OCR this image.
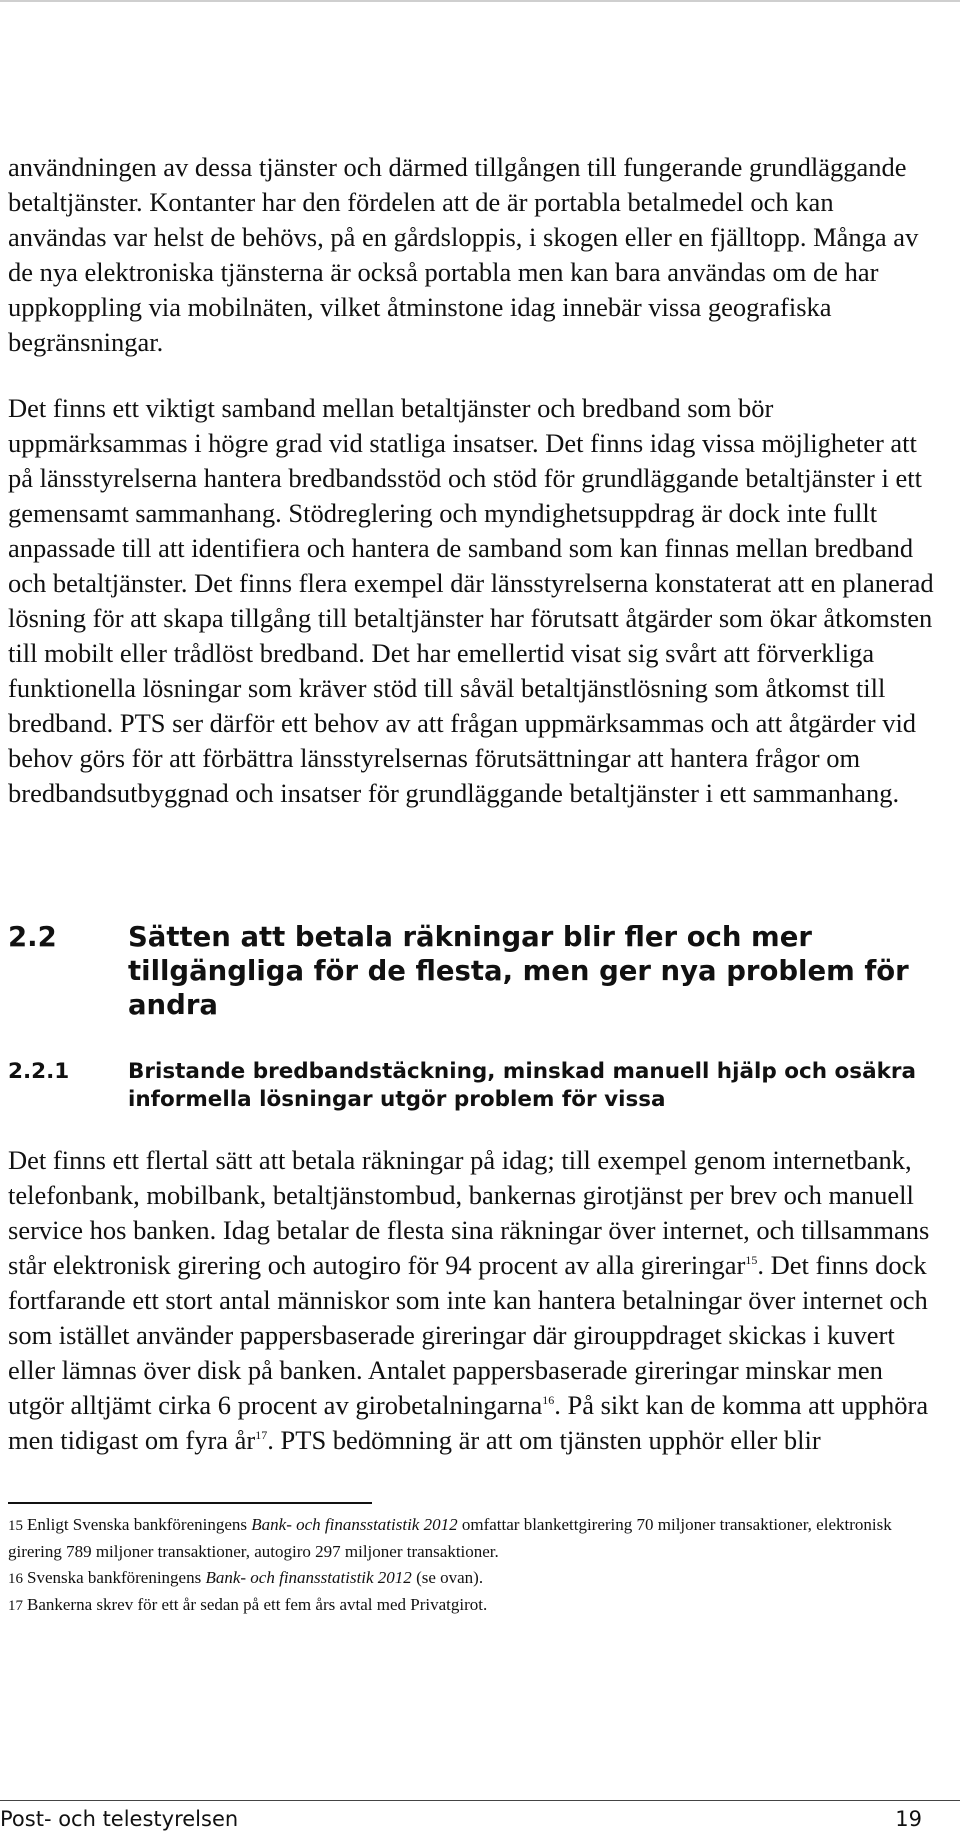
användningen av dessa tjänster och därmed tillgången till fungerande grundläggande betaltjänster. Kontanter har den fördelen att de är portabla betalmedel och kan användas var helst de behövs, på en gårdsloppis, i skogen eller en fjälltopp. Många av de nya elektroniska tjänsterna är också portabla men kan bara användas om de har uppkoppling via mobilnäten, vilket åtminstone idag innebär vissa geografiska begränsningar.

Det finns ett viktigt samband mellan betaltjänster och bredband som bör uppmärksammas i högre grad vid statliga insatser. Det finns idag vissa möjligheter att på länsstyrelserna hantera bredbandsstöd och stöd för grundläggande betaltjänster i ett gemensamt sammanhang. Stödreglering och myndighetsuppdrag är dock inte fullt anpassade till att identifiera och hantera de samband som kan finnas mellan bredband och betaltjänster. Det finns flera exempel där länsstyrelserna konstaterat att en planerad lösning för att skapa tillgång till betaltjänster har förutsatt åtgärder som ökar åtkomsten till mobilt eller trådlöst bredband. Det har emellertid visat sig svårt att förverkliga funktionella lösningar som kräver stöd till såväl betaltjänstlösning som åtkomst till bredband. PTS ser därför ett behov av att frågan uppmärksammas och att åtgärder vid behov görs för att förbättra länsstyrelsernas förutsättningar att hantera frågor om bredbandsutbyggnad och insatser för grundläggande betaltjänster i ett sammanhang.

2.2	Sätten att betala räkningar blir fler och mer tillgängliga för de flesta, men ger nya problem för andra
2.2.1	Bristande bredbandstäckning, minskad manuell hjälp och osäkra informella lösningar utgör problem för vissa

Det finns ett flertal sätt att betala räkningar på idag; till exempel genom internetbank, telefonbank, mobilbank, betaltjänstombud, bankernas girotjänst per brev och manuell service hos banken. Idag betalar de flesta sina räkningar över internet, och tillsammans står elektronisk girering och autogiro för 94 procent av alla gireringar$^{15}$. Det finns dock fortfarande ett stort antal människor som inte kan hantera betalningar över internet och som istället använder pappersbaserade gireringar där girouppdraget skickas i kuvert eller lämnas över disk på banken. Antalet pappersbaserade gireringar minskar men utgör alltjämt cirka 6 procent av girobetalningarna$^{16}$. På sikt kan de komma att upphöra men tidigast om fyra år$^{17}$. PTS bedömning är att om tjänsten upphör eller blir

15 Enligt Svenska bankföreningens Bank- och finansstatistik 2012 omfattar blankettgirering 70 miljoner transaktioner, elektronisk girering 789 miljoner transaktioner, autogiro 297 miljoner transaktioner.

16 Svenska bankföreningens Bank- och finansstatistik 2012 (se ovan).

17 Bankerna skrev för ett år sedan på ett fem års avtal med Privatgirot.

Post- och telestyrelsen	19
